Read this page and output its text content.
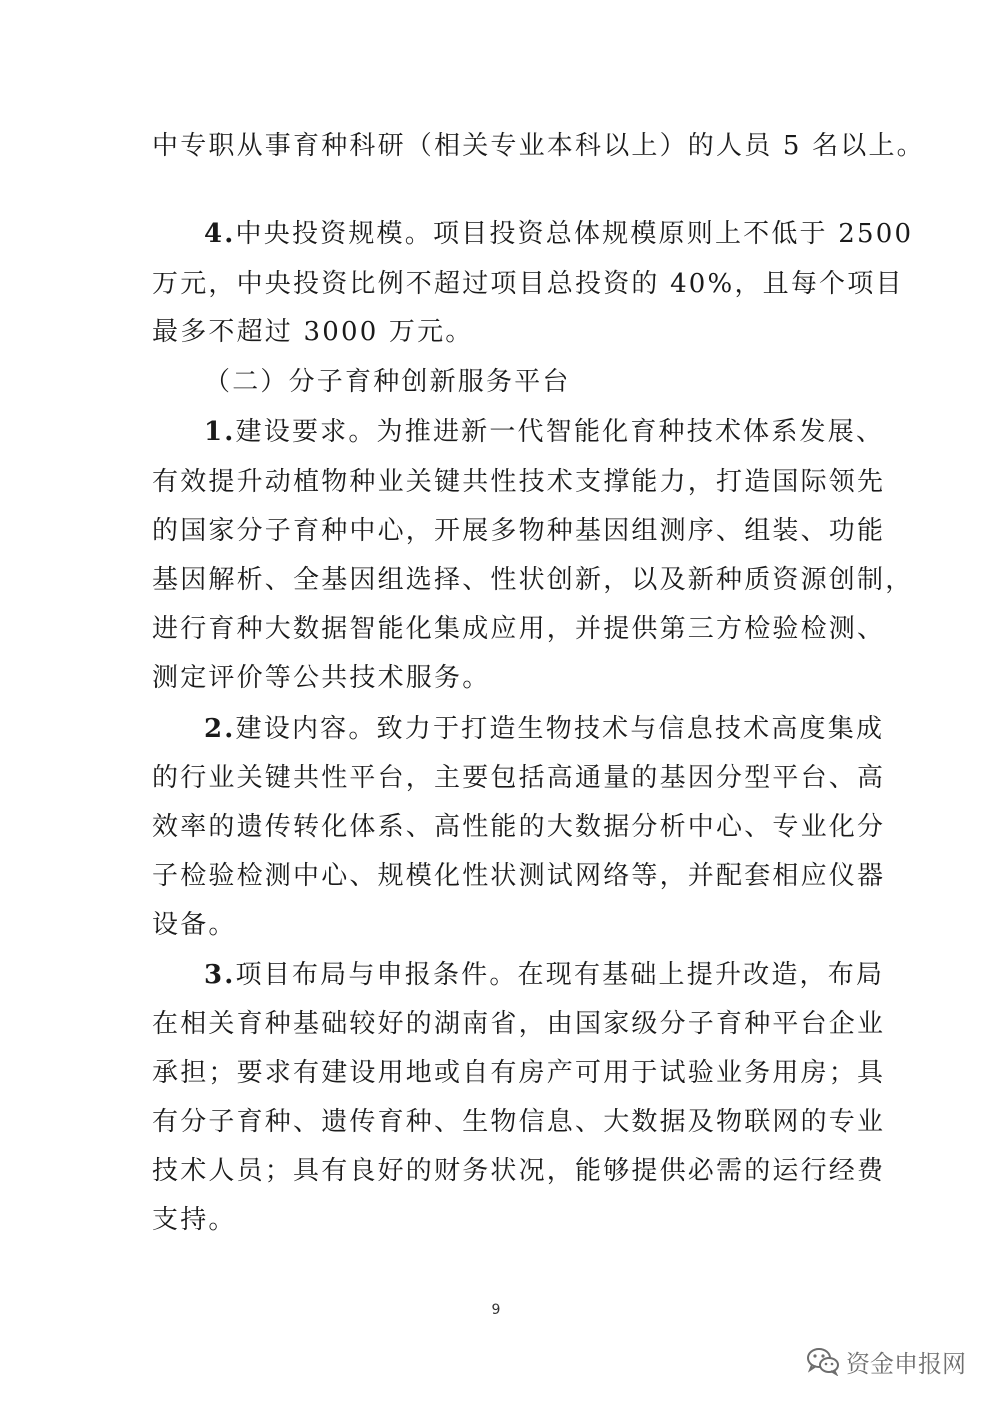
中专职从事育种科研（相关专业本科以上）的人员 5 名以上。
4.中央投资规模。项目投资总体规模原则上不低于 2500
万元，中央投资比例不超过项目总投资的 40%，且每个项目
最多不超过 3000 万元。
（二）分子育种创新服务平台
1.建设要求。为推进新一代智能化育种技术体系发展、
有效提升动植物种业关键共性技术支撑能力，打造国际领先
的国家分子育种中心，开展多物种基因组测序、组装、功能
基因解析、全基因组选择、性状创新，以及新种质资源创制，
进行育种大数据智能化集成应用，并提供第三方检验检测、
测定评价等公共技术服务。
2.建设内容。致力于打造生物技术与信息技术高度集成
的行业关键共性平台，主要包括高通量的基因分型平台、高
效率的遗传转化体系、高性能的大数据分析中心、专业化分
子检验检测中心、规模化性状测试网络等，并配套相应仪器
设备。
3.项目布局与申报条件。在现有基础上提升改造，布局
在相关育种基础较好的湖南省，由国家级分子育种平台企业
承担；要求有建设用地或自有房产可用于试验业务用房；具
有分子育种、遗传育种、生物信息、大数据及物联网的专业
技术人员；具有良好的财务状况，能够提供必需的运行经费
支持。
9
资金申报网
